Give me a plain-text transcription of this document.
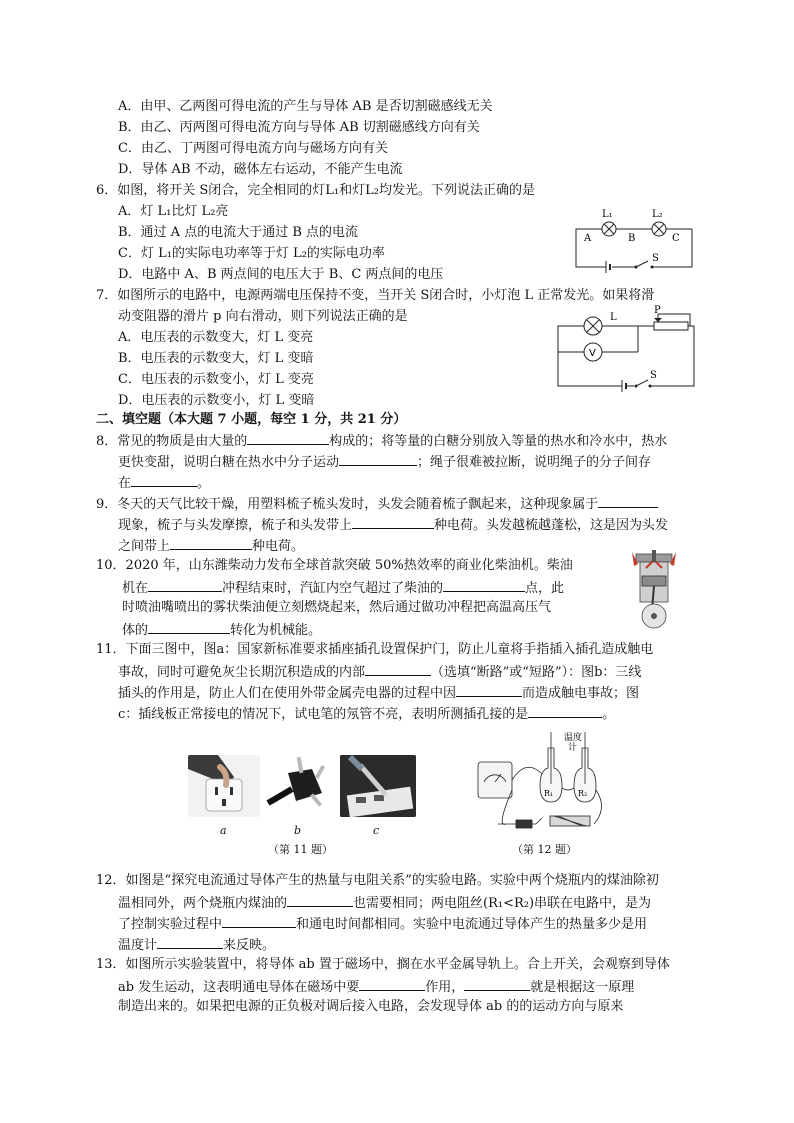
A．由甲、乙两图可得电流的产生与导体 AB 是否切割磁感线无关
B．由乙、丙两图可得电流方向与导体 AB 切割磁感线方向有关
C．由乙、丁两图可得电流方向与磁场方向有关
D．导体 AB 不动，磁体左右运动，不能产生电流
6．如图，将开关 S闭合，完全相同的灯L₁和灯L₂均发光。下列说法正确的是
A．灯 L₁比灯 L₂亮
B．通过 A 点的电流大于通过 B 点的电流
C．灯 L₁的实际电功率等于灯 L₂的实际电功率
D．电路中 A、B 两点间的电压大于 B、C 两点间的电压
L₁	L₂
A	B	C
S
7．如图所示的电路中，电源两端电压保持不变，当开关 S闭合时，小灯泡 L 正常发光。如果将滑
动变阻器的滑片 p 向右滑动，则下列说法正确的是
A．电压表的示数变大，灯 L 变亮
B．电压表的示数变大，灯 L 变暗
C．电压表的示数变小，灯 L 变亮
D．电压表的示数变小，灯 L 变暗
V
L
P
S
二、填空题（本大题 7 小题，每空 1 分，共 21 分）
8．常见的物质是由大量的	构成的；将等量的白糖分别放入等量的热水和冷水中，热水
更快变甜，说明白糖在热水中分子运动	；绳子很难被拉断，说明绳子的分子间存
在	。
9．冬天的天气比较干燥，用塑料梳子梳头发时，头发会随着梳子飘起来，这种现象属于
现象，梳子与头发摩擦，梳子和头发带上	种电荷。头发越梳越蓬松，这是因为头发
之间带上	种电荷。
10．2020 年，山东潍柴动力发布全球首款突破 50%热效率的商业化柴油机。柴油
机在	冲程结束时，汽缸内空气超过了柴油的	点，此
时喷油嘴喷出的雾状柴油便立刻燃烧起来，然后通过做功冲程把高温高压气
体的	转化为机械能。
11．下面三图中，图a：国家新标准要求插座插孔设置保护门，防止儿童将手指插入插孔造成触电
事故，同时可避免灰尘长期沉积造成的内部	（选填“断路”或“短路”）：图b：三线
插头的作用是，防止人们在使用外带金属壳电器的过程中因	而造成触电事故；图
c：插线板正常接电的情况下，试电笔的氖管不亮，表明所测插孔接的是	。
a	b	c
（第 11 题）
温度
计
R₁	R₂
（第 12 题）
12．如图是“探究电流通过导体产生的热量与电阻关系”的实验电路。实验中两个烧瓶内的煤油除初
温相同外，两个烧瓶内煤油的	也需要相同；两电阻丝(R₁<R₂)串联在电路中，是为
了控制实验过程中	和通电时间都相同。实验中电流通过导体产生的热量多少是用
温度计	来反映。
13．如图所示实验装置中，将导体 ab 置于磁场中，搁在水平金属导轨上。合上开关，会观察到导体
ab 发生运动，这表明通电导体在磁场中要	作用，	就是根据这一原理
制造出来的。如果把电源的正负极对调后接入电路，会发现导体 ab 的的运动方向与原来
